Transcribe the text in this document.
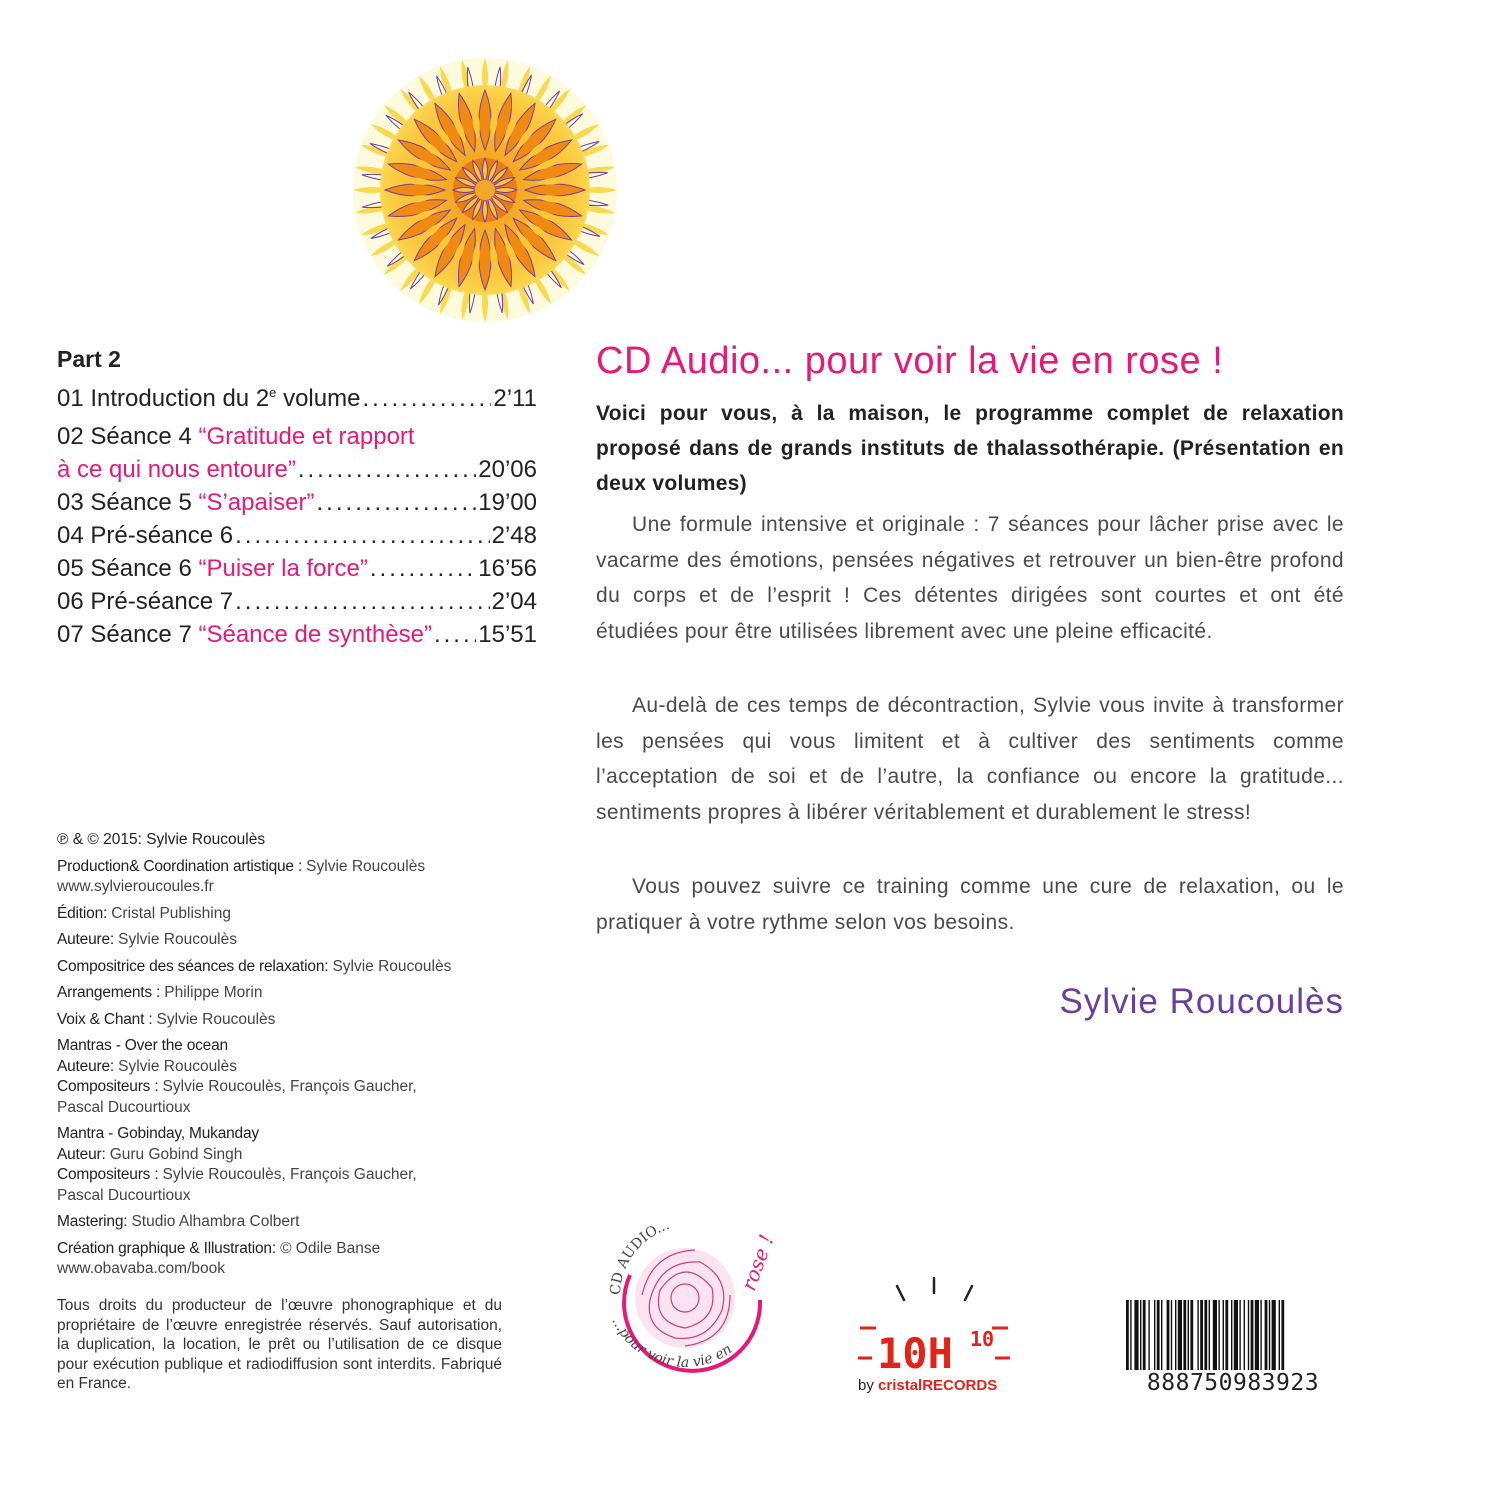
Part 2
01 Introduction du 2e volume .....	2’11
02 Séance 4 “Gratitude et rapport
à ce qui nous entoure” .....	20’06
03 Séance 5 “S’apaiser” .....	19’00
04 Pré-séance 6 .....	2’48
05 Séance 6 “Puiser la force” .....	16’56
06 Pré-séance 7 .....	2’04
07 Séance 7 “Séance de synthèse” ..... 15’51
CD Audio... pour voir la vie en rose !
Voici pour vous, à la maison, le programme complet de relaxation proposé dans de grands instituts de thalassothérapie. (Présentation en deux volumes)
Une formule intensive et originale : 7 séances pour lâcher prise avec le vacarme des émotions, pensées négatives et retrouver un bien-être profond du corps et de l’esprit ! Ces détentes dirigées sont courtes et ont été étudiées pour être utilisées librement avec une pleine efficacité.
Au-delà de ces temps de décontraction, Sylvie vous invite à transformer les pensées qui vous limitent et à cultiver des sentiments comme l’acceptation de soi et de l’autre, la confiance ou encore la gratitude... sentiments propres à libérer véritablement et durablement le stress!
Vous pouvez suivre ce training comme une cure de relaxation, ou le pratiquer à votre rythme selon vos besoins.
Sylvie Roucoulès
℗ & © 2015: Sylvie Roucoulès
Production& Coordination artistique : Sylvie Roucoulès
www.sylvieroucoules.fr
Édition: Cristal Publishing
Auteure: Sylvie Roucoulès
Compositrice des séances de relaxation: Sylvie Roucoulès
Arrangements : Philippe Morin
Voix & Chant : Sylvie Roucoulès
Mantras - Over the ocean
Auteure: Sylvie Roucoulès
Compositeurs : Sylvie Roucoulès, François Gaucher,
Pascal Ducourtioux
Mantra - Gobinday, Mukanday
Auteur: Guru Gobind Singh
Compositeurs : Sylvie Roucoulès, François Gaucher,
Pascal Ducourtioux
Mastering: Studio Alhambra Colbert
Création graphique & Illustration: © Odile Banse
www.obavaba.com/book
Tous droits du producteur de l’œuvre phonographique et du propriétaire de l’œuvre enregistrée réservés. Sauf autorisation, la duplication, la location, le prêt ou l’utilisation de ce disque pour exécution publique et radiodiffusion sont interdits. Fabriqué en France.
CD AUDIO...
...pour voir la vie en
rose !
10H 10
by cristalRECORDS	888750983923
